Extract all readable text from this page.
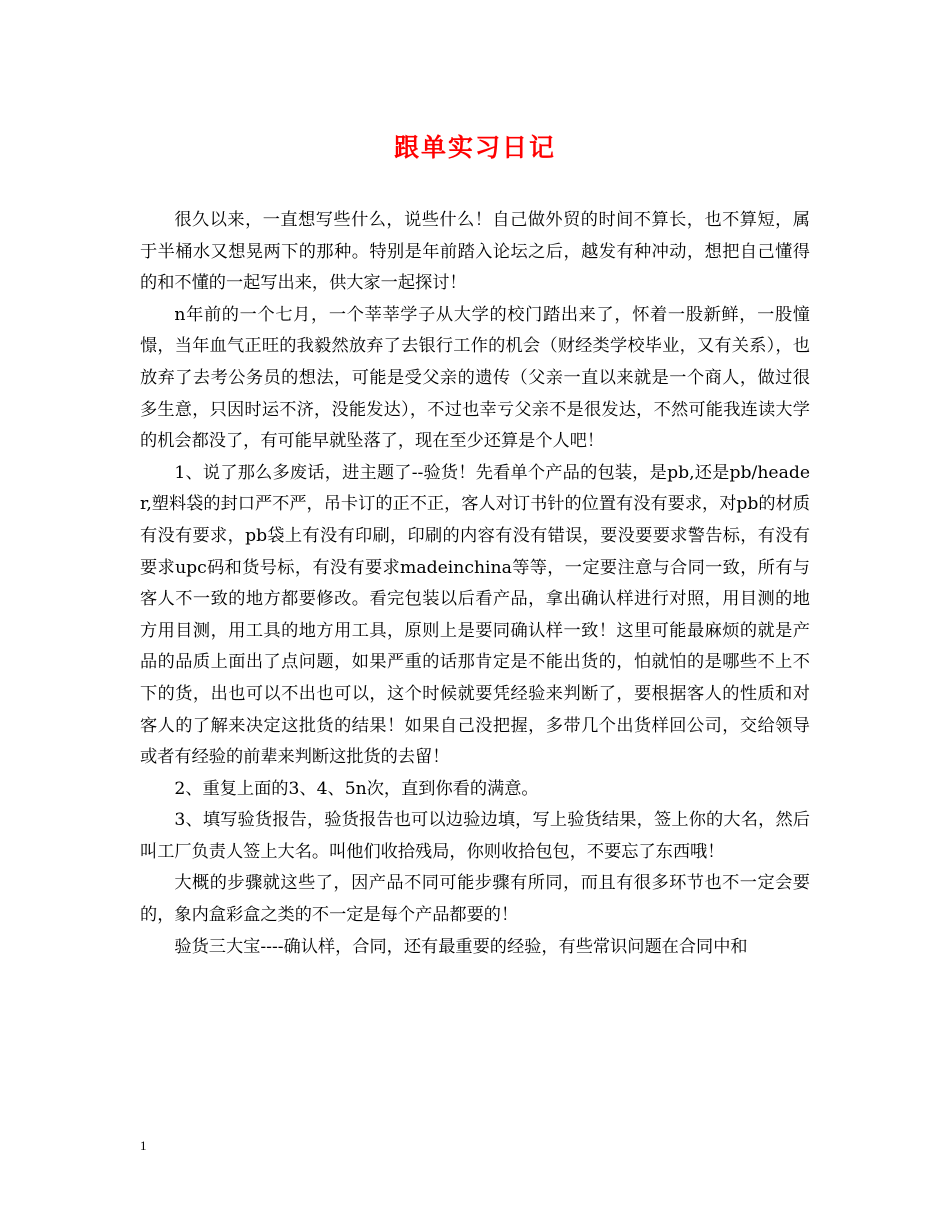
跟单实习日记

很久以来，一直想写些什么，说些什么！自己做外贸的时间不算长，也不算短，属于半桶水又想晃两下的那种。特别是年前踏入论坛之后，越发有种冲动，想把自己懂得的和不懂的一起写出来，供大家一起探讨！

n年前的一个七月，一个莘莘学子从大学的校门踏出来了，怀着一股新鲜，一股憧憬，当年血气正旺的我毅然放弃了去银行工作的机会（财经类学校毕业，又有关系），也放弃了去考公务员的想法，可能是受父亲的遗传（父亲一直以来就是一个商人，做过很多生意，只因时运不济，没能发达），不过也幸亏父亲不是很发达，不然可能我连读大学的机会都没了，有可能早就坠落了，现在至少还算是个人吧！

1、说了那么多废话，进主题了--验货！先看单个产品的包装，是pb,还是pb/header,塑料袋的封口严不严，吊卡订的正不正，客人对订书针的位置有没有要求，对pb的材质有没有要求，pb袋上有没有印刷，印刷的内容有没有错误，要没要要求警告标，有没有要求upc码和货号标，有没有要求madeinchina等等，一定要注意与合同一致，所有与客人不一致的地方都要修改。看完包装以后看产品，拿出确认样进行对照，用目测的地方用目测，用工具的地方用工具，原则上是要同确认样一致！这里可能最麻烦的就是产品的品质上面出了点问题，如果严重的话那肯定是不能出货的，怕就怕的是哪些不上不下的货，出也可以不出也可以，这个时候就要凭经验来判断了，要根据客人的性质和对客人的了解来决定这批货的结果！如果自己没把握，多带几个出货样回公司，交给领导或者有经验的前辈来判断这批货的去留！

2、重复上面的3、4、5n次，直到你看的满意。

3、填写验货报告，验货报告也可以边验边填，写上验货结果，签上你的大名，然后叫工厂负责人签上大名。叫他们收拾残局，你则收拾包包，不要忘了东西哦！

大概的步骤就这些了，因产品不同可能步骤有所同，而且有很多环节也不一定会要的，象内盒彩盒之类的不一定是每个产品都要的！

验货三大宝----确认样，合同，还有最重要的经验，有些常识问题在合同中和

1
